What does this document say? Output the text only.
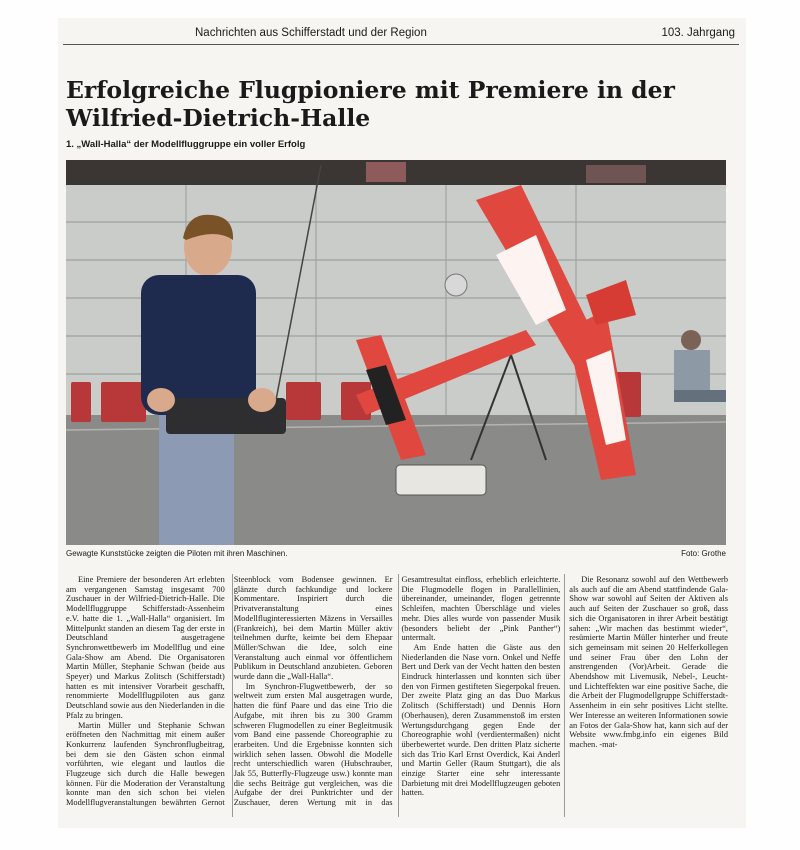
Nachrichten aus Schifferstadt und der Region	103. Jahrgang
Erfolgreiche Flugpioniere mit Premiere in der
Wilfried-Dietrich-Halle
1. „Wall-Halla“ der Modellfluggruppe ein voller Erfolg
Gewagte Kunststücke zeigten die Piloten mit ihren Maschinen.	Foto: Grothe

Eine Premiere der besonderen Art erlebten am vergangenen Samstag insgesamt 700 Zuschauer in der Wilfried-Dietrich-Halle. Die Modellfluggruppe Schifferstadt-Assenheim e.V. hatte die 1. „Wall-Halla“ organisiert. Im Mittelpunkt standen an diesem Tag der erste in Deutschland ausgetragene Synchronwettbewerb im Modellflug und eine Gala-Show am Abend. Die Organisatoren Martin Müller, Stephanie Schwan (beide aus Speyer) und Markus Zolitsch (Schifferstadt) hatten es mit intensiver Vorarbeit geschafft, renommierte Modellflugpiloten aus ganz Deutschland sowie aus den Niederlanden in die Pfalz zu bringen.

Martin Müller und Stephanie Schwan eröffneten den Nachmittag mit einem außer Konkurrenz laufenden Synchronflugbeitrag, bei dem sie den Gästen schon einmal vorführten, wie elegant und lautlos die Flugzeuge sich durch die Halle bewegen können. Für die Moderation der Veranstaltung konnte man den sich schon bei vielen Modellflugveranstaltungen bewährten Gernot Steenblock vom Bodensee gewinnen. Er glänzte durch fachkundige und lockere Kommentare. Inspiriert durch die Privatveranstaltung eines Modellfluginteressierten Mäzens in Versailles (Frankreich), bei dem Martin Müller aktiv teilnehmen durfte, keimte bei dem Ehepaar Müller/Schwan die Idee, solch eine Veranstaltung auch einmal vor öffentlichem Publikum in Deutschland anzubieten. Geboren wurde dann die „Wall-Halla“.

Im Synchron-Flugwettbewerb, der so weltweit zum ersten Mal ausgetragen wurde, hatten die fünf Paare und das eine Trio die Aufgabe, mit ihren bis zu 300 Gramm schweren Flugmodellen zu einer Begleitmusik vom Band eine passende Choreographie zu erarbeiten. Und die Ergebnisse konnten sich wirklich sehen lassen. Obwohl die Modelle recht unterschiedlich waren (Hubschrauber, Jak 55, Butterfly-Flugzeuge usw.) konnte man die sechs Beiträge gut vergleichen, was die Aufgabe der drei Punktrichter und der Zuschauer, deren Wertung mit in das Gesamtresultat einfloss, erheblich erleichterte. Die Flugmodelle flogen in Parallellinien, übereinander, umeinander, flogen getrennte Schleifen, machten Überschläge und vieles mehr. Dies alles wurde von passender Musik (besonders beliebt der „Pink Panther“) untermalt.

Am Ende hatten die Gäste aus den Niederlanden die Nase vorn. Onkel und Neffe Bert und Derk van der Vecht hatten den besten Eindruck hinterlassen und konnten sich über den von Firmen gestifteten Siegerpokal freuen. Der zweite Platz ging an das Duo Markus Zolitsch (Schifferstadt) und Dennis Horn (Oberhausen), deren Zusammenstoß im ersten Wertungsdurchgang gegen Ende der Choreographie wohl (verdientermaßen) nicht überbewertet wurde. Den dritten Platz sicherte sich das Trio Karl Ernst Overdick, Kai Anderl und Martin Geller (Raum Stuttgart), die als einzige Starter eine sehr interessante Darbietung mit drei Modellflugzeugen geboten hatten.

Die Resonanz sowohl auf den Wettbewerb als auch auf die am Abend stattfindende Gala-Show war sowohl auf Seiten der Aktiven als auch auf Seiten der Zuschauer so groß, dass sich die Organisatoren in ihrer Arbeit bestätigt sahen: „Wir machen das bestimmt wieder“, resümierte Martin Müller hinterher und freute sich gemeinsam mit seinen 20 Helferkollegen und seiner Frau über den Lohn der anstrengenden (Vor)Arbeit. Gerade die Abendshow mit Livemusik, Nebel-, Leucht- und Lichteffekten war eine positive Sache, die die Arbeit der Flugmodellgruppe Schifferstadt-Assenheim in ein sehr positives Licht stellte. Wer Interesse an weiteren Informationen sowie an Fotos der Gala-Show hat, kann sich auf der Website www.fmbg.info ein eigenes Bild machen. -mat-
